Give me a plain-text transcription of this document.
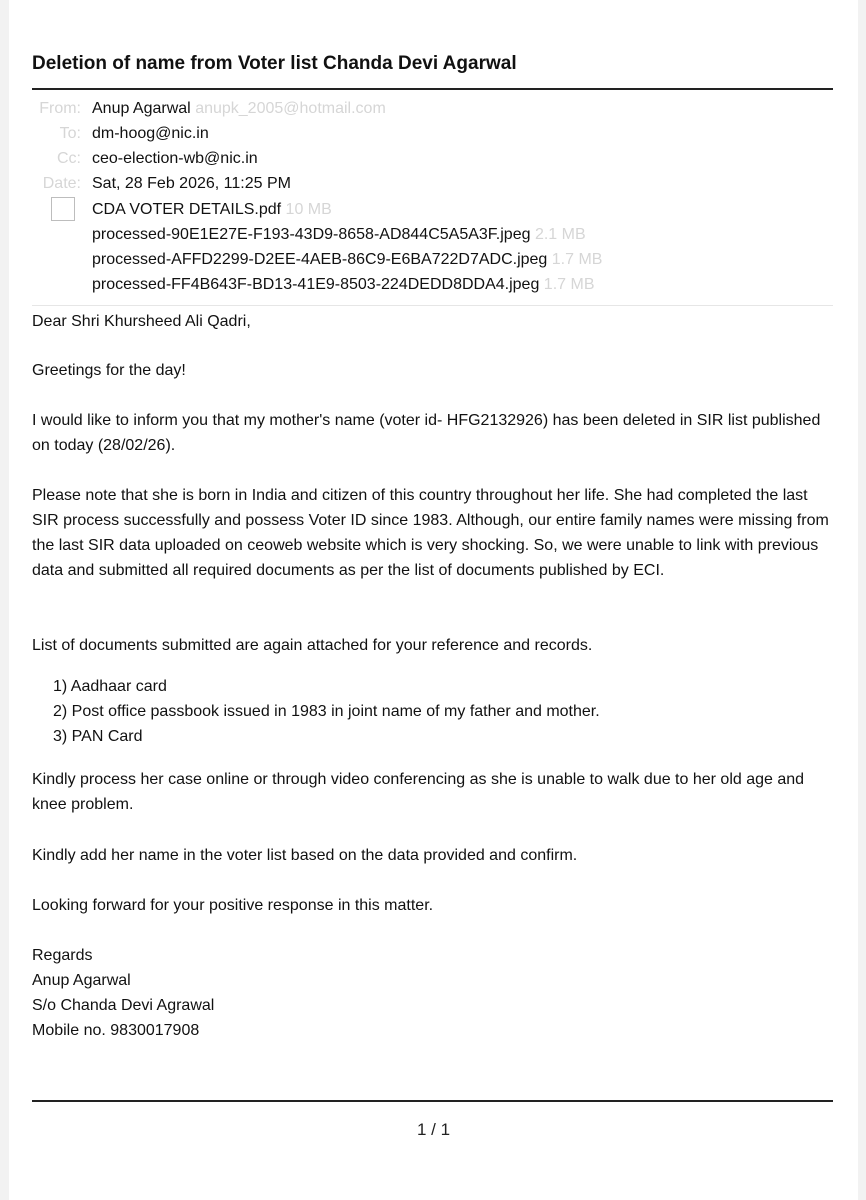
Deletion of name from Voter list Chanda Devi Agarwal
From: Anup Agarwal anupk_2005@hotmail.com
To: dm-hoog@nic.in
Cc: ceo-election-wb@nic.in
Date: Sat, 28 Feb 2026, 11:25 PM
CDA VOTER DETAILS.pdf 10 MB
processed-90E1E27E-F193-43D9-8658-AD844C5A5A3F.jpeg 2.1 MB
processed-AFFD2299-D2EE-4AEB-86C9-E6BA722D7ADC.jpeg 1.7 MB
processed-FF4B643F-BD13-41E9-8503-224DEDD8DDA4.jpeg 1.7 MB

Dear Shri Khursheed Ali Qadri,

Greetings for the day!

I would like to inform you that my mother's name (voter id- HFG2132926) has been deleted in SIR list published on today (28/02/26).

Please note that she is born in India and citizen of this country throughout her life. She had completed the last SIR process successfully and possess Voter ID since 1983. Although, our entire family names were missing from the last SIR data uploaded on ceoweb website which is very shocking. So, we were unable to link with previous data and submitted all required documents as per the list of documents published by ECI.

List of documents submitted are again attached for your reference and records.

1) Aadhaar card
2) Post office passbook issued in 1983 in joint name of my father and mother.
3) PAN Card

Kindly process her case online or through video conferencing as she is unable to walk due to her old age and knee problem.

Kindly add her name in the voter list based on the data provided and confirm.

Looking forward for your positive response in this matter.

Regards

Anup Agarwal

S/o Chanda Devi Agrawal

Mobile no. 9830017908

1 / 1
